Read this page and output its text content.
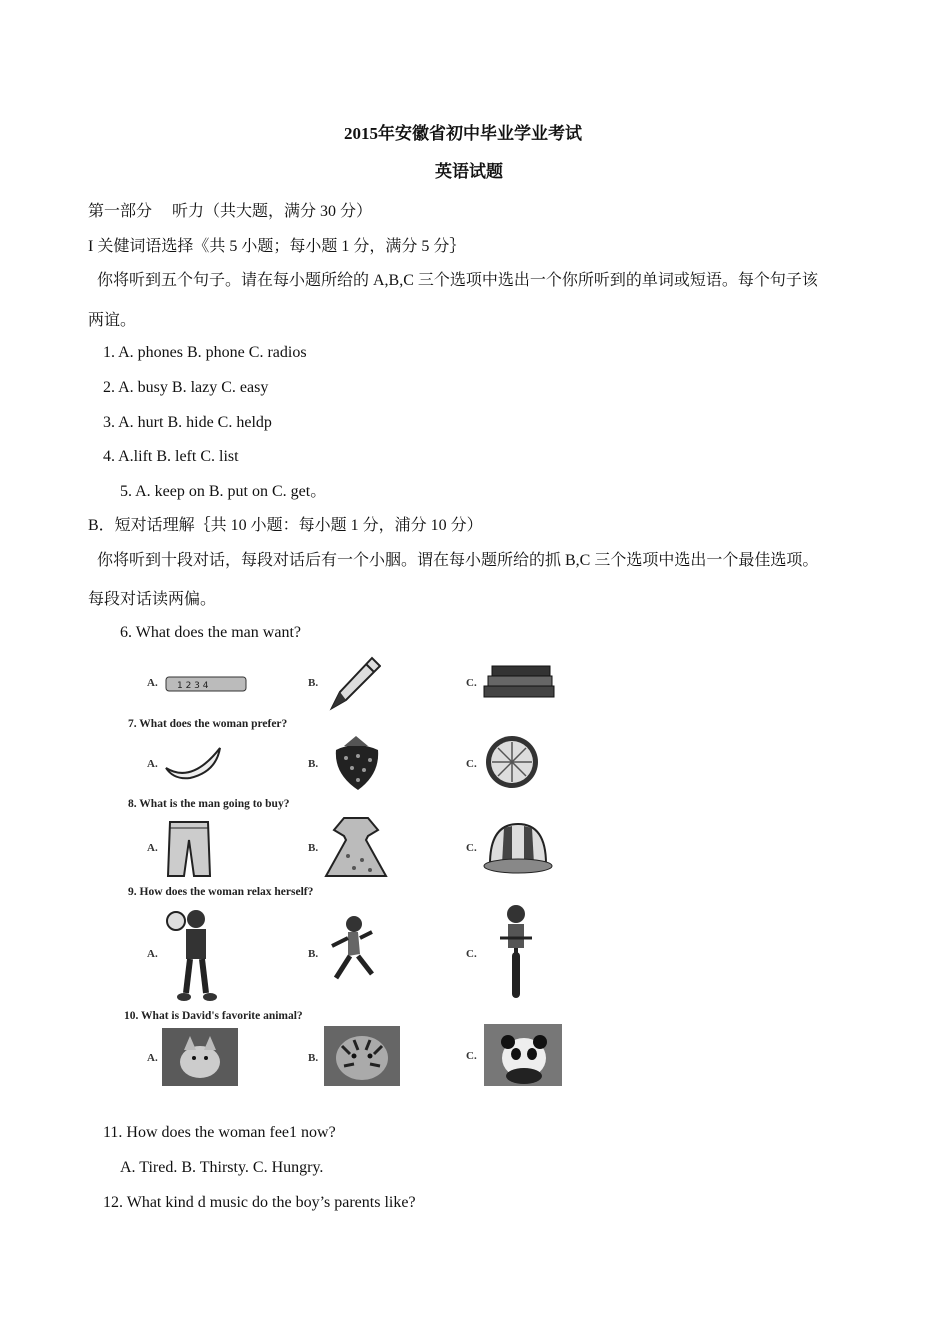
2015年安徽省初中毕业学业考试
英语试题
第一部分　 听力（共大题，满分 30 分）
I 关健词语选择《共 5 小题；每小题 1 分，满分 5 分｝
你将听到五个句子。请在每小题所给的 A,B,C 三个选项中选出一个你所听到的单词或短语。每个句子该
两谊。
1. A. phones B. phone C. radios
2. A. busy B. lazy C. easy
3. A. hurt B. hide C. heldp
4. A.lift B. left C. list
5. A. keep on B. put on C. get。
B．短对话理解｛共 10 小题：每小题 1 分，浦分 10 分）
你将听到十段对话，每段对话后有一个小胭。谓在每小题所给的抓 B,C 三个选项中选出一个最佳选项。
每段对话读两偏。
6. What does the man want?
A. 1 2 3 4	B.	C.
7. What does the woman prefer?
A.	B.	C.
8. What is the man going to buy?
A.	B.	C.
9. How does the woman relax herself?
A.	B.	C.
10. What is David's favorite animal?
A.	B.	C.
11. How does the woman fee1 now?
A. Tired. B. Thirsty. C. Hungry.
12. What kind d music do the boy’s parents like?
